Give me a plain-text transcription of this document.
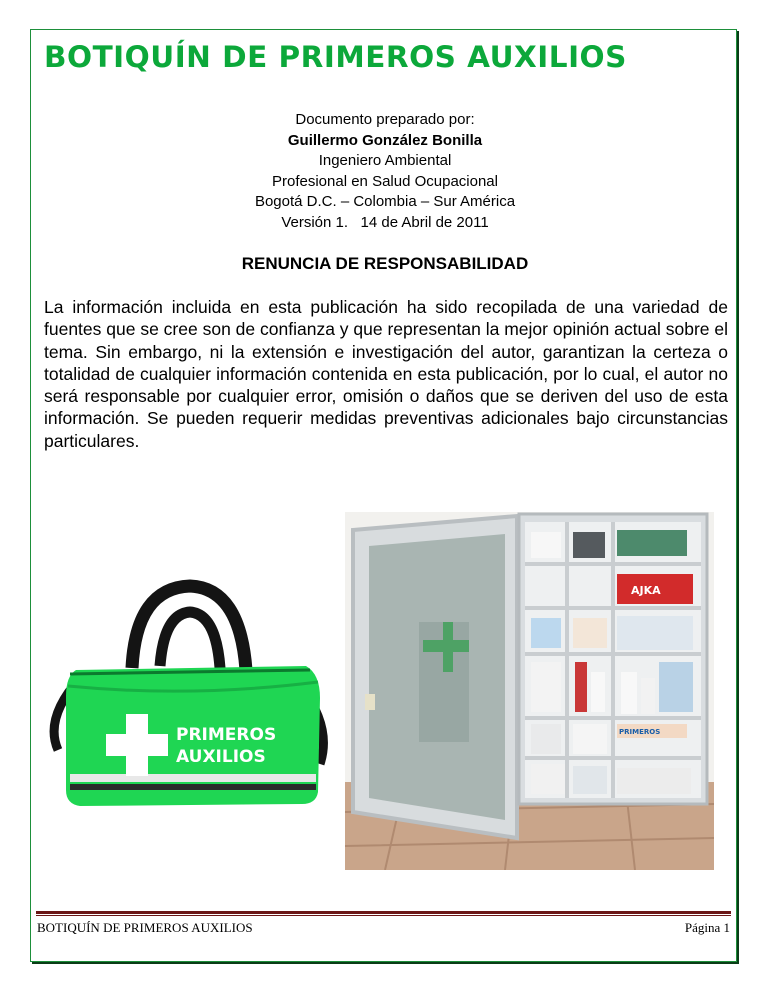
BOTIQUÍN DE PRIMEROS AUXILIOS
Documento preparado por:
Guillermo González Bonilla
Ingeniero Ambiental
Profesional en Salud Ocupacional
Bogotá D.C. – Colombia – Sur América
Versión 1.   14 de Abril de 2011
RENUNCIA DE RESPONSABILIDAD

La información incluida en esta publicación ha sido recopilada de una variedad de fuentes que se cree son de confianza y que representan la mejor opinión actual sobre el tema. Sin embargo, ni la extensión e investigación del autor, garantizan la certeza o totalidad de cualquier información contenida en esta publicación, por lo cual, el autor no será responsable por cualquier error, omisión o daños que se deriven del uso de esta información. Se pueden requerir medidas preventivas adicionales bajo circunstancias particulares.

PRIMEROS
AUXILIOS
AJKA
PRIMEROS
BOTIQUÍN DE PRIMEROS AUXILIOS	Página 1
